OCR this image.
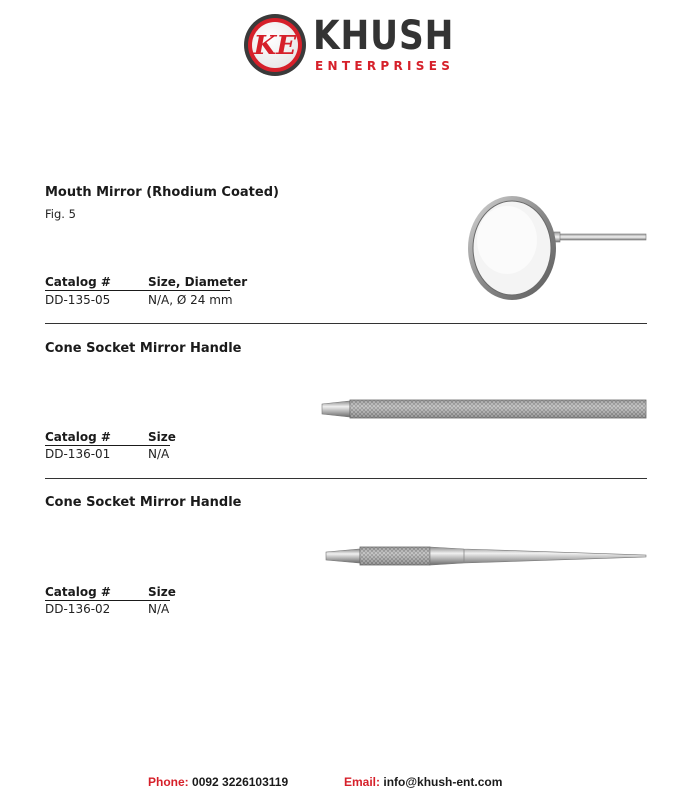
KE KHUSH
ENTERPRISES
Mouth Mirror (Rhodium Coated)
Fig. 5
Catalog #	Size, Diameter
DD-135-05	N/A, Ø 24 mm
Cone Socket Mirror Handle
Catalog #	Size
DD-136-01	N/A
Cone Socket Mirror Handle
Catalog #	Size
DD-136-02	N/A
Phone: 0092 3226103119	Email: info@khush-ent.com
